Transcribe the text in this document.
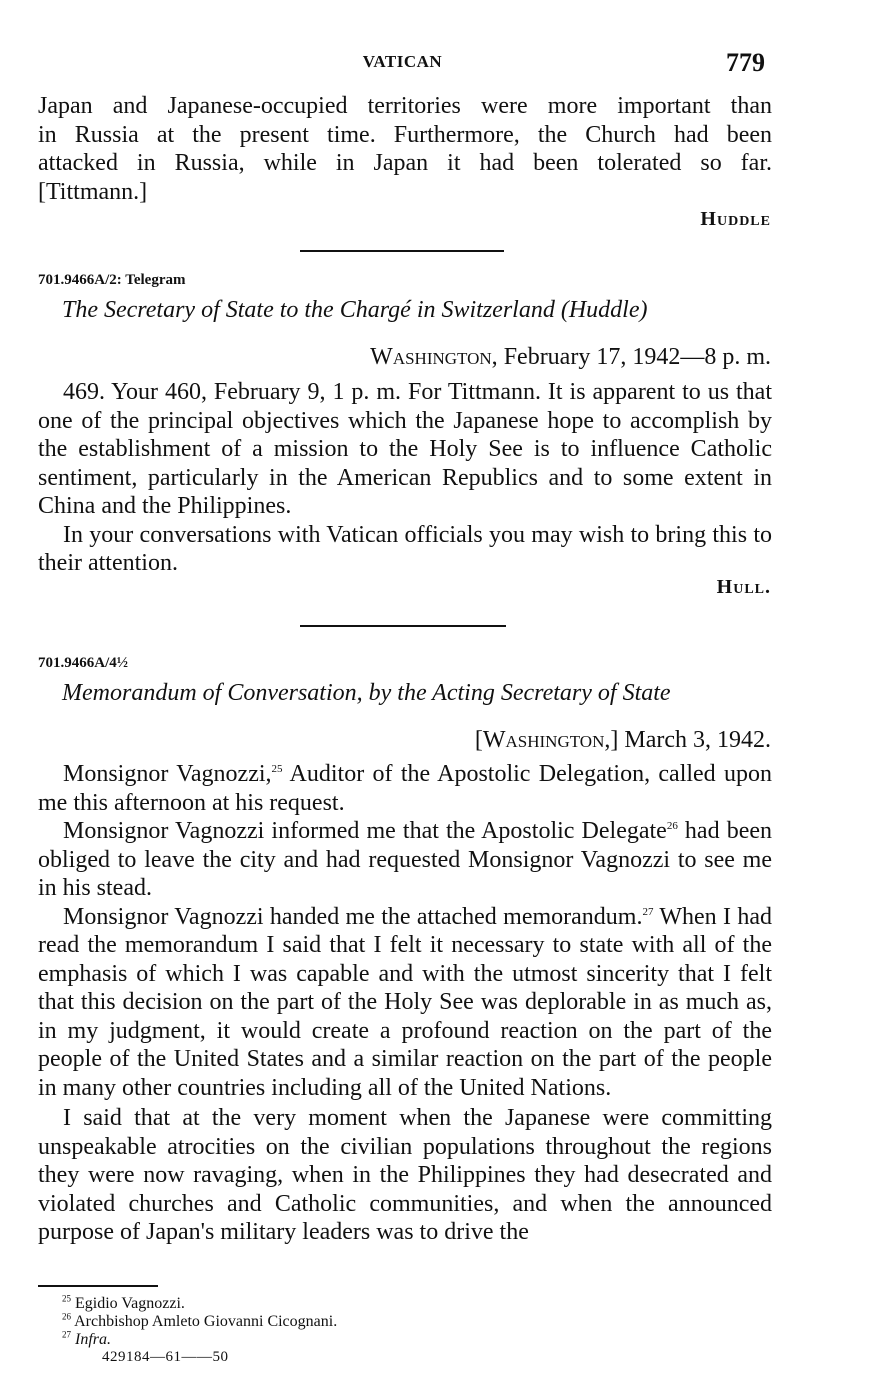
VATICAN	779
Japan and Japanese-occupied territories were more important than
in Russia at the present time. Furthermore, the Church had been
attacked in Russia, while in Japan it had been tolerated so far.
[Tittmann.]
Huddle
701.9466A/2: Telegram
The Secretary of State to the Chargé in Switzerland (Huddle)
Washington, February 17, 1942—8 p. m.

469. Your 460, February 9, 1 p. m. For Tittmann. It is apparent to us that one of the principal objectives which the Japanese hope to accomplish by the establishment of a mission to the Holy See is to influence Catholic sentiment, particularly in the American Republics and to some extent in China and the Philippines.

In your conversations with Vatican officials you may wish to bring this to their attention.

Hull.
701.9466A/4½
Memorandum of Conversation, by the Acting Secretary of State
[Washington,] March 3, 1942.

Monsignor Vagnozzi,$^{25}$ Auditor of the Apostolic Delegation, called upon me this afternoon at his request.

Monsignor Vagnozzi informed me that the Apostolic Delegate$^{26}$ had been obliged to leave the city and had requested Monsignor Vagnozzi to see me in his stead.

Monsignor Vagnozzi handed me the attached memorandum.$^{27}$ When I had read the memorandum I said that I felt it necessary to state with all of the emphasis of which I was capable and with the utmost sincerity that I felt that this decision on the part of the Holy See was deplorable in as much as, in my judgment, it would create a profound reaction on the part of the people of the United States and a similar reaction on the part of the people in many other countries including all of the United Nations.

I said that at the very moment when the Japanese were committing unspeakable atrocities on the civilian populations throughout the regions they were now ravaging, when in the Philippines they had desecrated and violated churches and Catholic communities, and when the announced purpose of Japan's military leaders was to drive the

$^{25}$ Egidio Vagnozzi.
$^{26}$ Archbishop Amleto Giovanni Cicognani.
$^{27}$ Infra.
429184—61——50
